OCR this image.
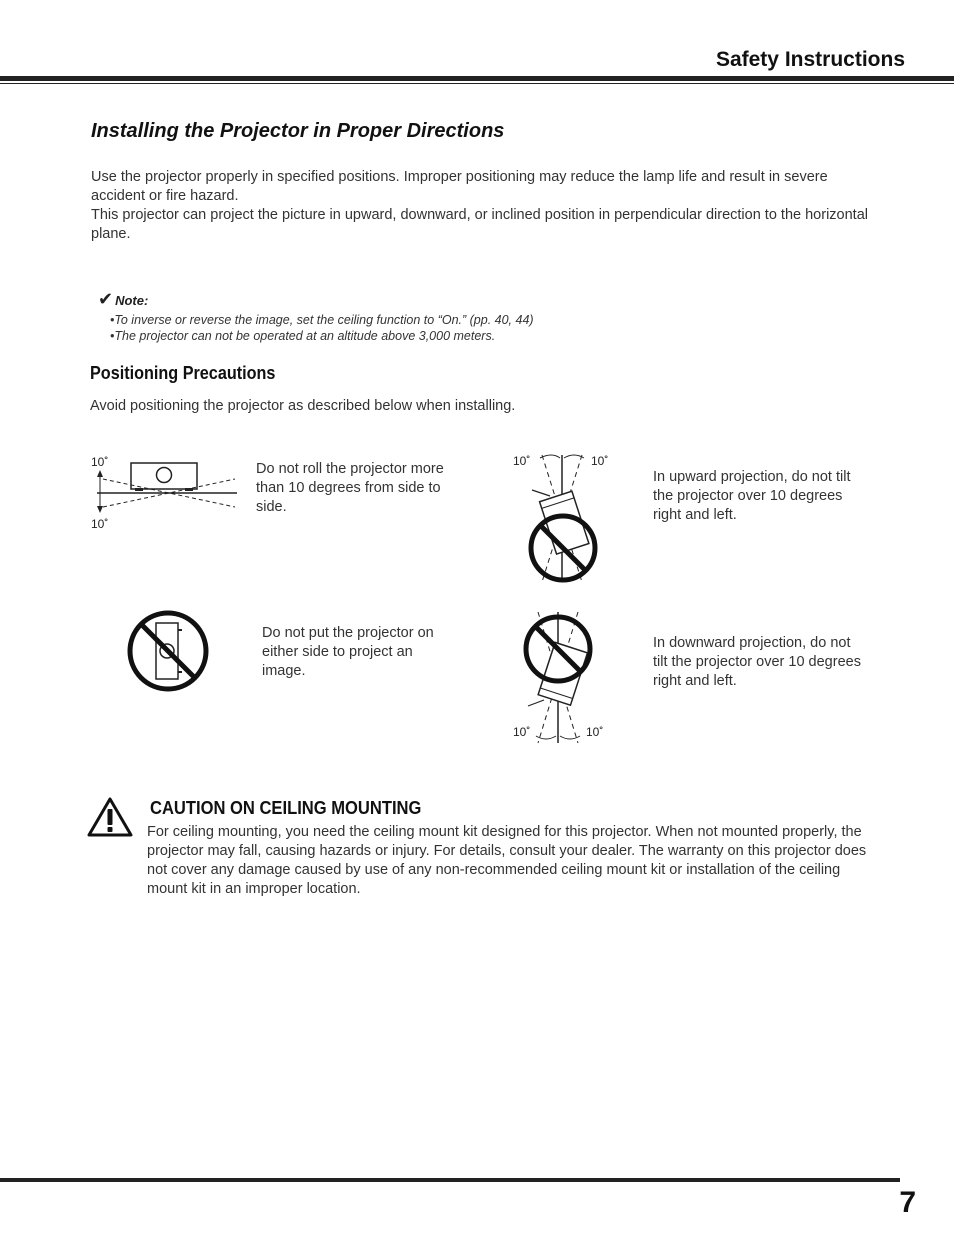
Safety Instructions
Installing the Projector in Proper Directions
Use the projector properly in specified positions. Improper positioning may reduce the lamp life and result in severe accident or fire hazard.
This projector can project the picture in upward, downward, or inclined position in perpendicular direction to the horizontal plane.
✔ Note:
•To inverse or reverse the image, set the ceiling function to “On.” (pp. 40, 44)
•The projector can not be operated at an altitude above 3,000 meters.
Positioning Precautions
Avoid positioning the projector as described below when installing.
10˚
10˚
Do not roll the projector more than 10 degrees from side to side.
10˚	10˚
In upward projection, do not tilt the projector over 10 degrees right and left.
Do not put the projector on either side to project an image.
10˚	10˚
In downward projection, do not tilt the projector over 10 degrees right and left.
CAUTION ON CEILING MOUNTING
For ceiling mounting, you need the ceiling mount kit designed for this projector. When not mounted properly, the projector may fall, causing hazards or injury. For details, consult your dealer. The warranty on this projector does not cover any damage caused by use of any non-recommended ceiling mount kit or installation of the ceiling mount kit in an improper location.
7
